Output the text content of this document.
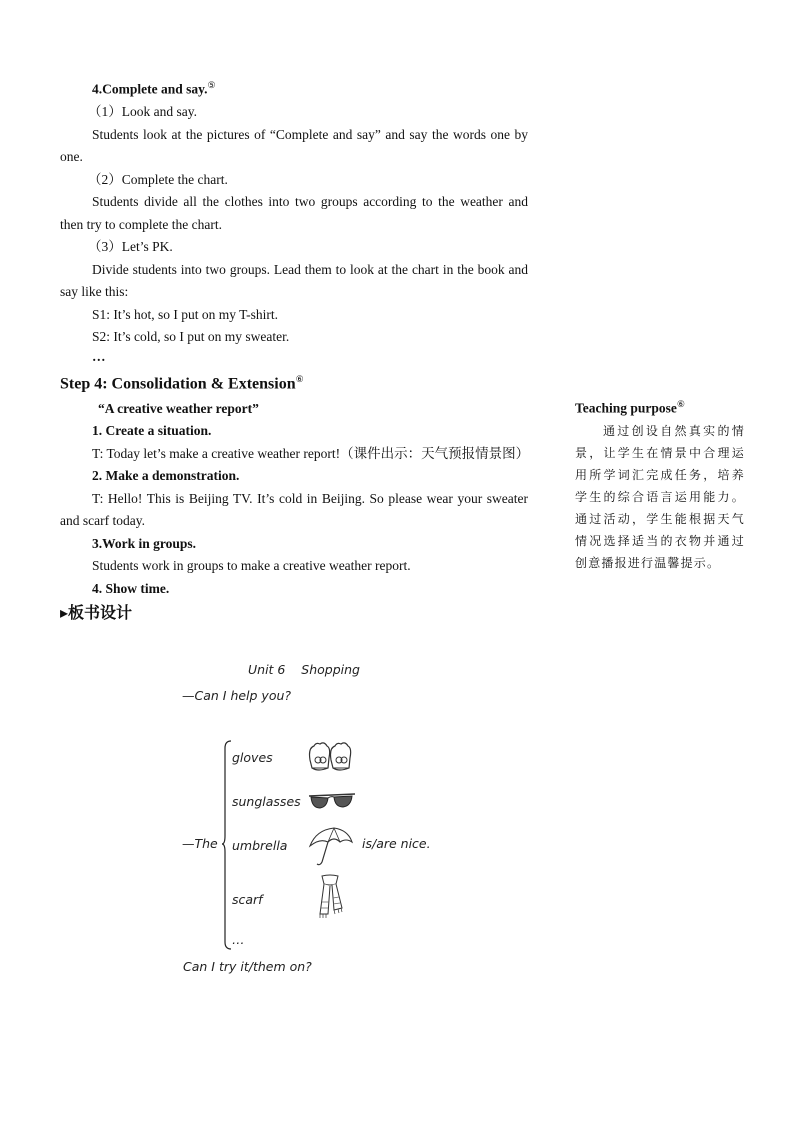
4.Complete and say.⑤

（1）Look and say.

Students look at the pictures of “Complete and say” and say the words one by one.

（2）Complete the chart.

Students divide all the clothes into two groups according to the weather and then try to complete the chart.

（3）Let’s PK.

Divide students into two groups. Lead them to look at the chart in the book and say like this:

S1: It’s hot, so I put on my T-shirt.

S2: It’s cold, so I put on my sweater.

…

Step 4: Consolidation & Extension⑥

“A creative weather report”

1. Create a situation.

T: Today let’s make a creative weather report!（课件出示：天气预报情景图）

2. Make a demonstration.

T: Hello! This is Beijing TV. It’s cold in Beijing. So please wear your sweater and scarf today.

3.Work in groups.

Students work in groups to make a creative weather report.

4. Show time.

▸板书设计

Teaching purpose⑥

通过创设自然真实的情景，让学生在情景中合理运用所学词汇完成任务，培养学生的综合语言运用能力。通过活动，学生能根据天气情况选择适当的衣物并通过创意播报进行温馨提示。

Unit 6    Shopping
—Can I help you?
—The
gloves
sunglasses
umbrella
scarf
…
is/are nice.
Can I try it/them on?
